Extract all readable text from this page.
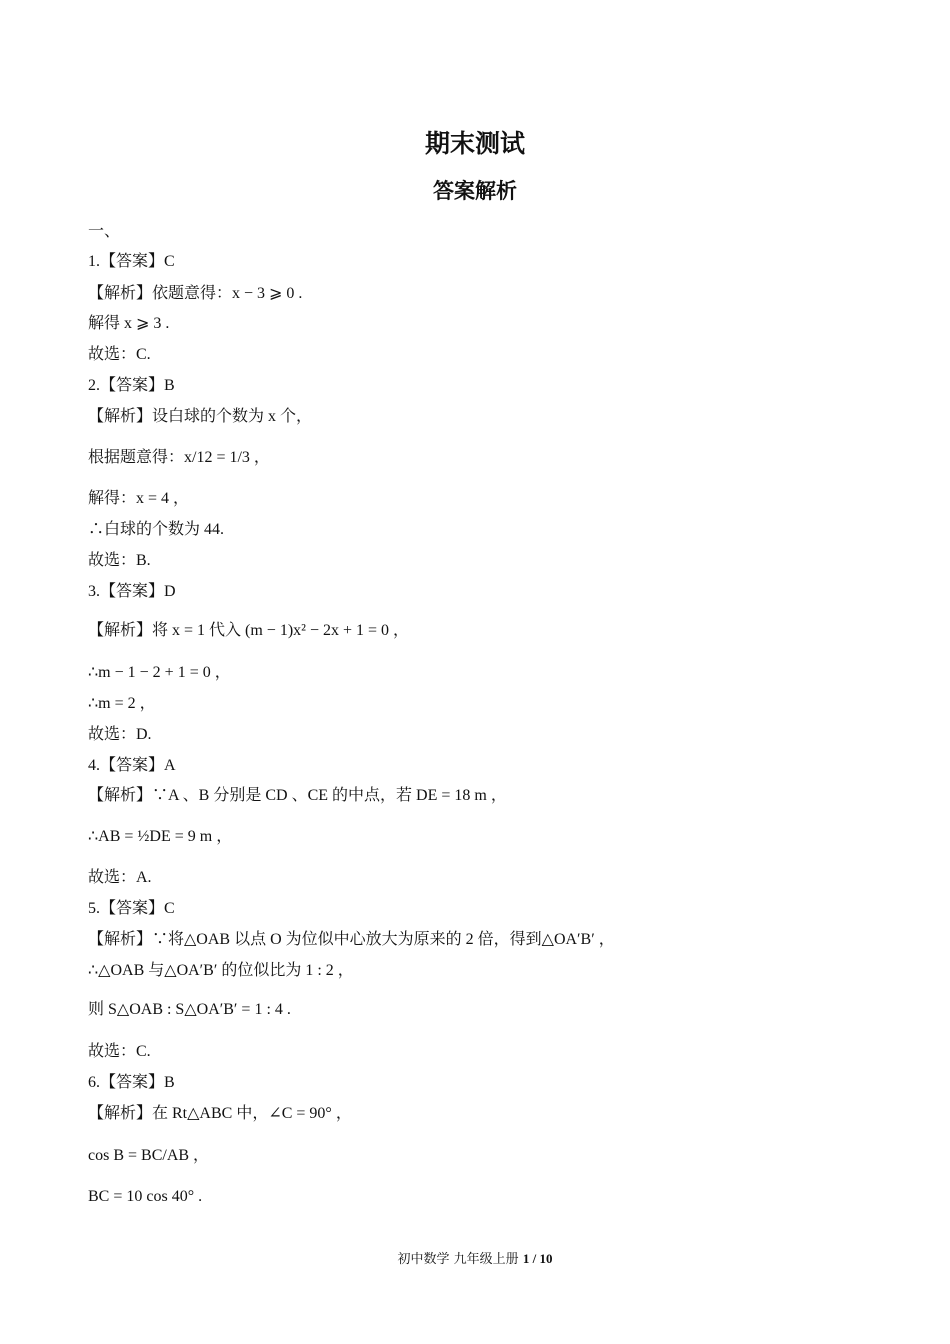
期末测试
答案解析
一、
1.【答案】C
【解析】依题意得：x − 3 ⩾ 0 .
解得 x ⩾ 3 .
故选：C.
2.【答案】B
【解析】设白球的个数为 x 个，
根据题意得：x/12 = 1/3 ，
解得：x = 4 ，
∴白球的个数为 44.
故选：B.
3.【答案】D
【解析】将 x = 1 代入 (m − 1)x² − 2x + 1 = 0 ，
∴m − 1 − 2 + 1 = 0 ，
∴m = 2 ，
故选：D.
4.【答案】A
【解析】∵A 、B 分别是 CD 、CE 的中点，若 DE = 18 m ，
∴AB = ½DE = 9 m ，
故选：A.
5.【答案】C
【解析】∵将△OAB 以点 O 为位似中心放大为原来的 2 倍，得到△OA′B′ ，
∴△OAB 与△OA′B′ 的位似比为 1 : 2 ，
则 S△OAB : S△OA′B′ = 1 : 4 .
故选：C.
6.【答案】B
【解析】在 Rt△ABC 中，∠C = 90° ，
cos B = BC/AB ，
BC = 10 cos 40° .
初中数学 九年级上册 1 / 10
